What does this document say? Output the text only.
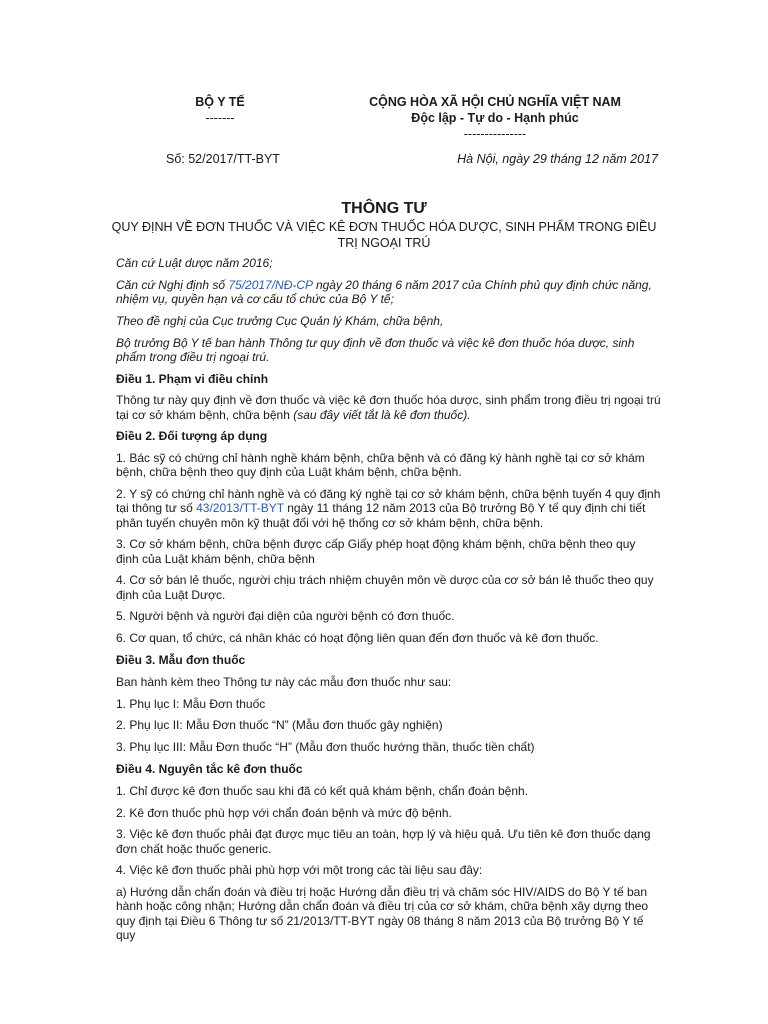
BỘ Y TẾ
-------
CỘNG HÒA XÃ HỘI CHỦ NGHĨA VIỆT NAM
Độc lập - Tự do - Hạnh phúc
---------------
Số: 52/2017/TT-BYT	Hà Nội, ngày 29 tháng 12 năm 2017
THÔNG TƯ
QUY ĐỊNH VỀ ĐƠN THUỐC VÀ VIỆC KÊ ĐƠN THUỐC HÓA DƯỢC, SINH PHẨM TRONG ĐIỀU TRỊ NGOẠI TRÚ

Căn cứ Luật dược năm 2016;

Căn cứ Nghị định số 75/2017/NĐ-CP ngày 20 tháng 6 năm 2017 của Chính phủ quy định chức năng, nhiệm vụ, quyền hạn và cơ cấu tổ chức của Bộ Y tế;

Theo đề nghị của Cục trưởng Cục Quản lý Khám, chữa bệnh,

Bộ trưởng Bộ Y tế ban hành Thông tư quy định về đơn thuốc và việc kê đơn thuốc hóa dược, sinh phẩm trong điều trị ngoại trú.

Điều 1. Phạm vi điều chỉnh

Thông tư này quy định về đơn thuốc và việc kê đơn thuốc hóa dược, sinh phẩm trong điều trị ngoại trú tại cơ sở khám bệnh, chữa bệnh (sau đây viết tắt là kê đơn thuốc).

Điều 2. Đối tượng áp dụng

1. Bác sỹ có chứng chỉ hành nghề khám bệnh, chữa bệnh và có đăng ký hành nghề tại cơ sở khám bệnh, chữa bệnh theo quy định của Luật khám bệnh, chữa bệnh.

2. Y sỹ có chứng chỉ hành nghề và có đăng ký nghề tại cơ sở khám bệnh, chữa bệnh tuyến 4 quy định tại thông tư số 43/2013/TT-BYT ngày 11 tháng 12 năm 2013 của Bộ trưởng Bộ Y tế quy định chi tiết phân tuyến chuyên môn kỹ thuật đối với hệ thống cơ sở khám bệnh, chữa bệnh.

3. Cơ sở khám bệnh, chữa bệnh được cấp Giấy phép hoạt động khám bệnh, chữa bệnh theo quy định của Luật khám bệnh, chữa bệnh

4. Cơ sở bán lẻ thuốc, người chịu trách nhiệm chuyên môn về dược của cơ sở bán lẻ thuốc theo quy định của Luật Dược.

5. Người bệnh và người đại diện của người bệnh có đơn thuốc.

6. Cơ quan, tổ chức, cá nhân khác có hoạt động liên quan đến đơn thuốc và kê đơn thuốc.

Điều 3. Mẫu đơn thuốc

Ban hành kèm theo Thông tư này các mẫu đơn thuốc như sau:

1. Phụ lục I: Mẫu Đơn thuốc

2. Phụ lục II: Mẫu Đơn thuốc “N” (Mẫu đơn thuốc gây nghiện)

3. Phụ lục III: Mẫu Đơn thuốc “H” (Mẫu đơn thuốc hướng thần, thuốc tiền chất)

Điều 4. Nguyên tắc kê đơn thuốc

1. Chỉ được kê đơn thuốc sau khi đã có kết quả khám bệnh, chẩn đoán bệnh.

2. Kê đơn thuốc phù hợp với chẩn đoán bệnh và mức độ bệnh.

3. Việc kê đơn thuốc phải đạt được mục tiêu an toàn, hợp lý và hiệu quả. Ưu tiên kê đơn thuốc dạng đơn chất hoặc thuốc generic.

4. Việc kê đơn thuốc phải phù hợp với một trong các tài liệu sau đây:

a) Hướng dẫn chẩn đoán và điều trị hoặc Hướng dẫn điều trị và chăm sóc HIV/AIDS do Bộ Y tế ban hành hoặc công nhận; Hướng dẫn chẩn đoán và điều trị của cơ sở khám, chữa bệnh xây dựng theo quy định tại Điều 6 Thông tư số 21/2013/TT-BYT ngày 08 tháng 8 năm 2013 của Bộ trưởng Bộ Y tế quy
